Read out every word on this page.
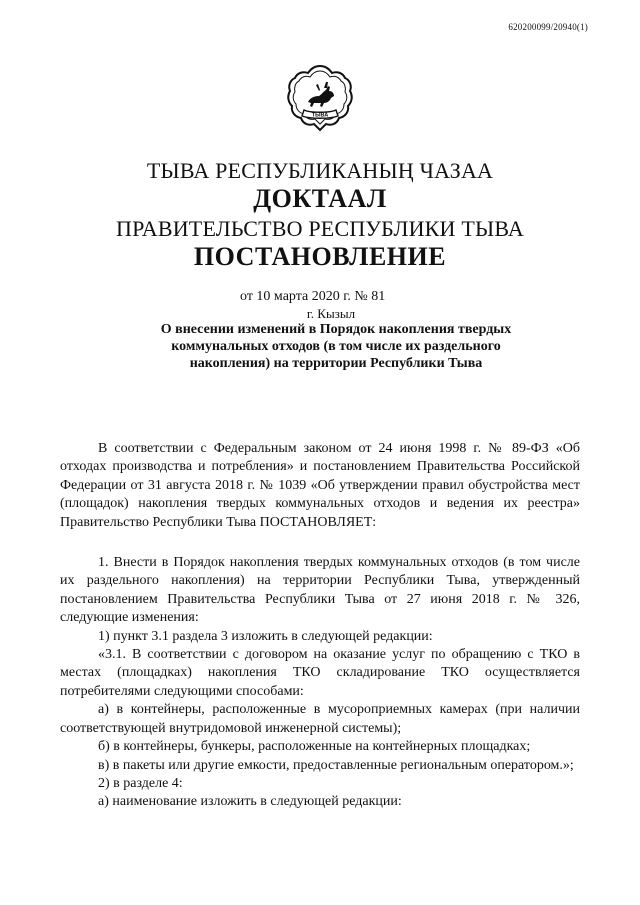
620200099/20940(1)
ТЫВА
ТЫВА РЕСПУБЛИКАНЫҢ ЧАЗАА
ДОКТААЛ
ПРАВИТЕЛЬСТВО РЕСПУБЛИКИ ТЫВА
ПОСТАНОВЛЕНИЕ
от 10 марта 2020 г. № 81
г. Кызыл
О внесении изменений в Порядок накопления твердых коммунальных отходов (в том числе их раздельного накопления) на территории Республики Тыва

В соответствии с Федеральным законом от 24 июня 1998 г. № 89-ФЗ «Об отходах производства и потребления» и постановлением Правительства Российской Федерации от 31 августа 2018 г. № 1039 «Об утверждении правил обустройства мест (площадок) накопления твердых коммунальных отходов и ведения их реестра» Правительство Республики Тыва ПОСТАНОВЛЯЕТ:

1. Внести в Порядок накопления твердых коммунальных отходов (в том числе их раздельного накопления) на территории Республики Тыва, утвержденный постановлением Правительства Республики Тыва от 27 июня 2018 г. № 326, следующие изменения:

1) пункт 3.1 раздела 3 изложить в следующей редакции:

«3.1. В соответствии с договором на оказание услуг по обращению с ТКО в местах (площадках) накопления ТКО складирование ТКО осуществляется потребителями следующими способами:

а) в контейнеры, расположенные в мусороприемных камерах (при наличии соответствующей внутридомовой инженерной системы);

б) в контейнеры, бункеры, расположенные на контейнерных площадках;

в) в пакеты или другие емкости, предоставленные региональным оператором.»;

2) в разделе 4:

а) наименование изложить в следующей редакции:
